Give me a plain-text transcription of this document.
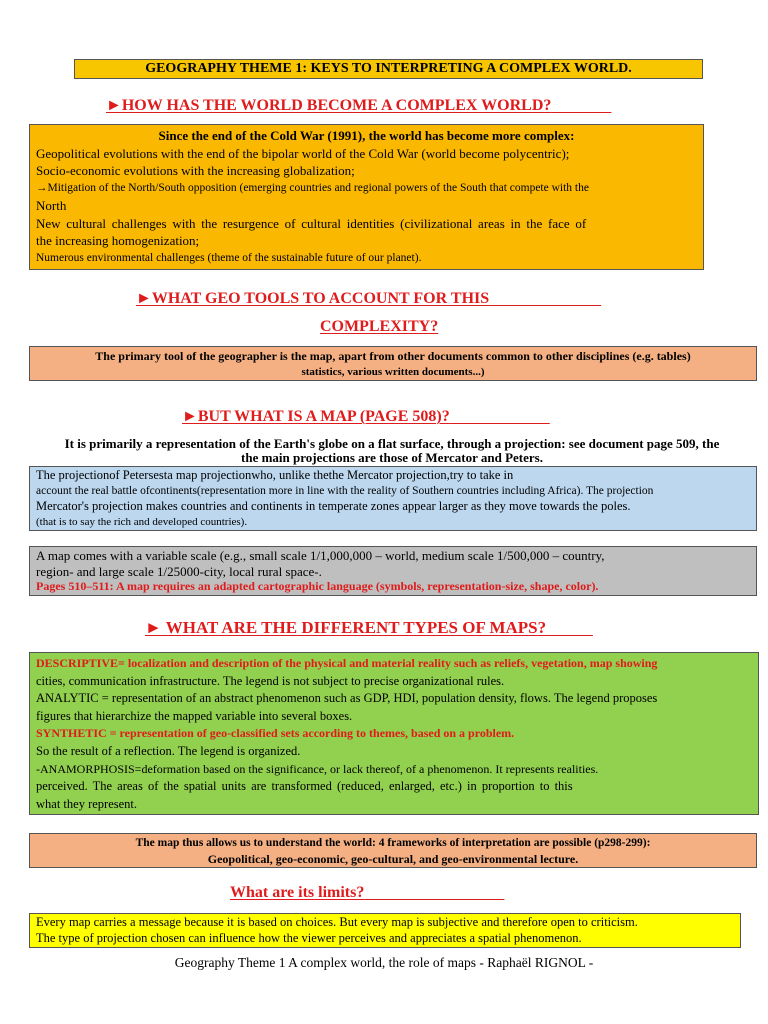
GEOGRAPHY THEME 1: KEYS TO INTERPRETING A COMPLEX WORLD.
►HOW HAS THE WORLD BECOME A COMPLEX WORLD?
Since the end of the Cold War (1991), the world has become more complex:
Geopolitical evolutions with the end of the bipolar world of the Cold War (world become polycentric);
Socio-economic evolutions with the increasing globalization;
→Mitigation of the North/South opposition (emerging countries and regional powers of the South that compete with the
North
New cultural challenges with the resurgence of cultural identities (civilizational areas in the face of
the increasing homogenization;
Numerous environmental challenges (theme of the sustainable future of our planet).
►WHAT GEO TOOLS TO ACCOUNT FOR THIS
COMPLEXITY?
The primary tool of the geographer is the map, apart from other documents common to other disciplines (e.g. tables)
statistics, various written documents...)
►BUT WHAT IS A MAP (PAGE 508)?
It is primarily a representation of the Earth's globe on a flat surface, through a projection: see document page 509, the
the main projections are those of Mercator and Peters.
The projectionof Petersesta map projectionwho, unlike thethe Mercator projection,try to take in
account the real battle ofcontinents(representation more in line with the reality of Southern countries including Africa). The projection
Mercator's projection makes countries and continents in temperate zones appear larger as they move towards the poles.
(that is to say the rich and developed countries).
A map comes with a variable scale (e.g., small scale 1/1,000,000 – world, medium scale 1/500,000 – country,
region- and large scale 1/25000-city, local rural space-.
Pages 510–511: A map requires an adapted cartographic language (symbols, representation-size, shape, color).
► WHAT ARE THE DIFFERENT TYPES OF MAPS?
DESCRIPTIVE= localization and description of the physical and material reality such as reliefs, vegetation, map showing
cities, communication infrastructure. The legend is not subject to precise organizational rules.
ANALYTIC = representation of an abstract phenomenon such as GDP, HDI, population density, flows. The legend proposes
figures that hierarchize the mapped variable into several boxes.
SYNTHETIC = representation of geo-classified sets according to themes, based on a problem.
So the result of a reflection. The legend is organized.
-ANAMORPHOSIS=deformation based on the significance, or lack thereof, of a phenomenon. It represents realities.
perceived. The areas of the spatial units are transformed (reduced, enlarged, etc.) in proportion to this
what they represent.
The map thus allows us to understand the world: 4 frameworks of interpretation are possible (p298-299):
Geopolitical, geo-economic, geo-cultural, and geo-environmental lecture.
What are its limits?
Every map carries a message because it is based on choices. But every map is subjective and therefore open to criticism.
The type of projection chosen can influence how the viewer perceives and appreciates a spatial phenomenon.
Geography Theme 1 A complex world, the role of maps - Raphaël RIGNOL -
